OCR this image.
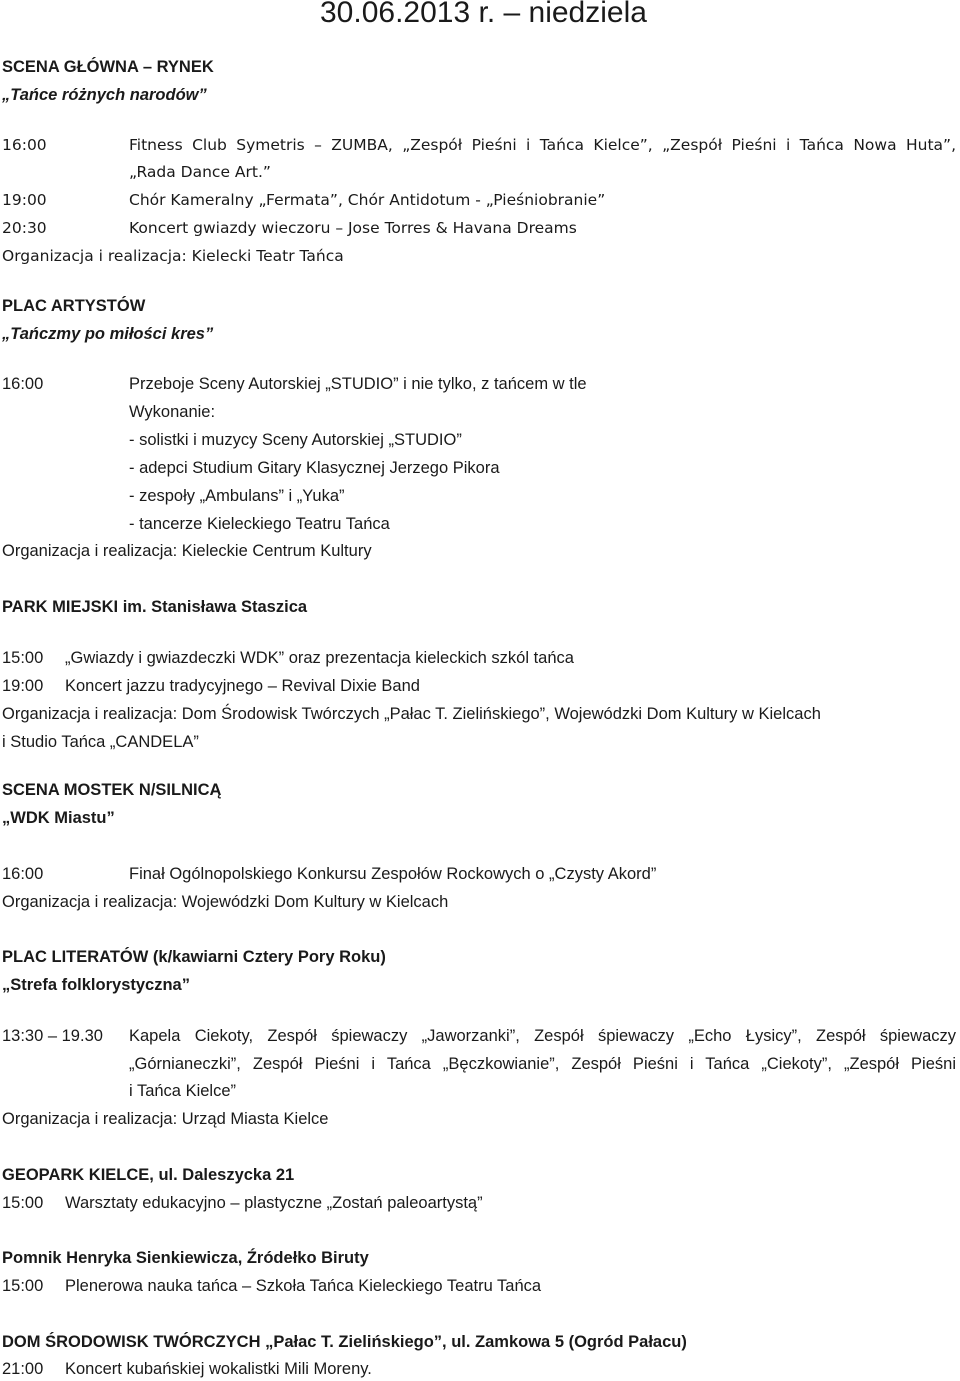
30.06.2013 r. – niedziela
SCENA GŁÓWNA – RYNEK
„Tańce różnych narodów”
16:00	Fitness Club Symetris – ZUMBA, „Zespół Pieśni i Tańca Kielce”, „Zespół Pieśni i Tańca Nowa Huta”,
„Rada Dance Art.”
19:00	Chór Kameralny „Fermata”, Chór Antidotum - „Pieśniobranie”
20:30	Koncert gwiazdy wieczoru – Jose Torres & Havana Dreams
Organizacja i realizacja: Kielecki Teatr Tańca
PLAC ARTYSTÓW
„Tańczmy po miłości kres”
16:00	Przeboje Sceny Autorskiej „STUDIO” i nie tylko, z tańcem w tle
Wykonanie:
- solistki i muzycy Sceny Autorskiej „STUDIO”
- adepci Studium Gitary Klasycznej Jerzego Pikora
- zespoły „Ambulans” i „Yuka”
- tancerze Kieleckiego Teatru Tańca
Organizacja i realizacja: Kieleckie Centrum Kultury
PARK MIEJSKI im. Stanisława Staszica
15:00 „Gwiazdy i gwiazdeczki WDK” oraz prezentacja kieleckich szkól tańca
19:00 Koncert jazzu tradycyjnego – Revival Dixie Band
Organizacja i realizacja: Dom Środowisk Twórczych „Pałac T. Zielińskiego”, Wojewódzki Dom Kultury w Kielcach
i Studio Tańca „CANDELA”
SCENA MOSTEK N/SILNICĄ
„WDK Miastu”
16:00	Finał Ogólnopolskiego Konkursu Zespołów Rockowych o „Czysty Akord”
Organizacja i realizacja: Wojewódzki Dom Kultury w Kielcach
PLAC LITERATÓW (k/kawiarni Cztery Pory Roku)
„Strefa folklorystyczna”
13:30 – 19.30 Kapela Ciekoty, Zespół śpiewaczy „Jaworzanki”, Zespół śpiewaczy „Echo Łysicy”, Zespół śpiewaczy
„Górnianeczki”, Zespół Pieśni i Tańca „Bęczkowianie”, Zespół Pieśni i Tańca „Ciekoty”, „Zespół Pieśni
i Tańca Kielce”
Organizacja i realizacja: Urząd Miasta Kielce
GEOPARK KIELCE, ul. Daleszycka 21
15:00 Warsztaty edukacyjno – plastyczne „Zostań paleoartystą”
Pomnik Henryka Sienkiewicza, Źródełko Biruty
15:00 Plenerowa nauka tańca – Szkoła Tańca Kieleckiego Teatru Tańca
DOM ŚRODOWISK TWÓRCZYCH „Pałac T. Zielińskiego”, ul. Zamkowa 5 (Ogród Pałacu)
21:00 Koncert kubańskiej wokalistki Mili Moreny.
